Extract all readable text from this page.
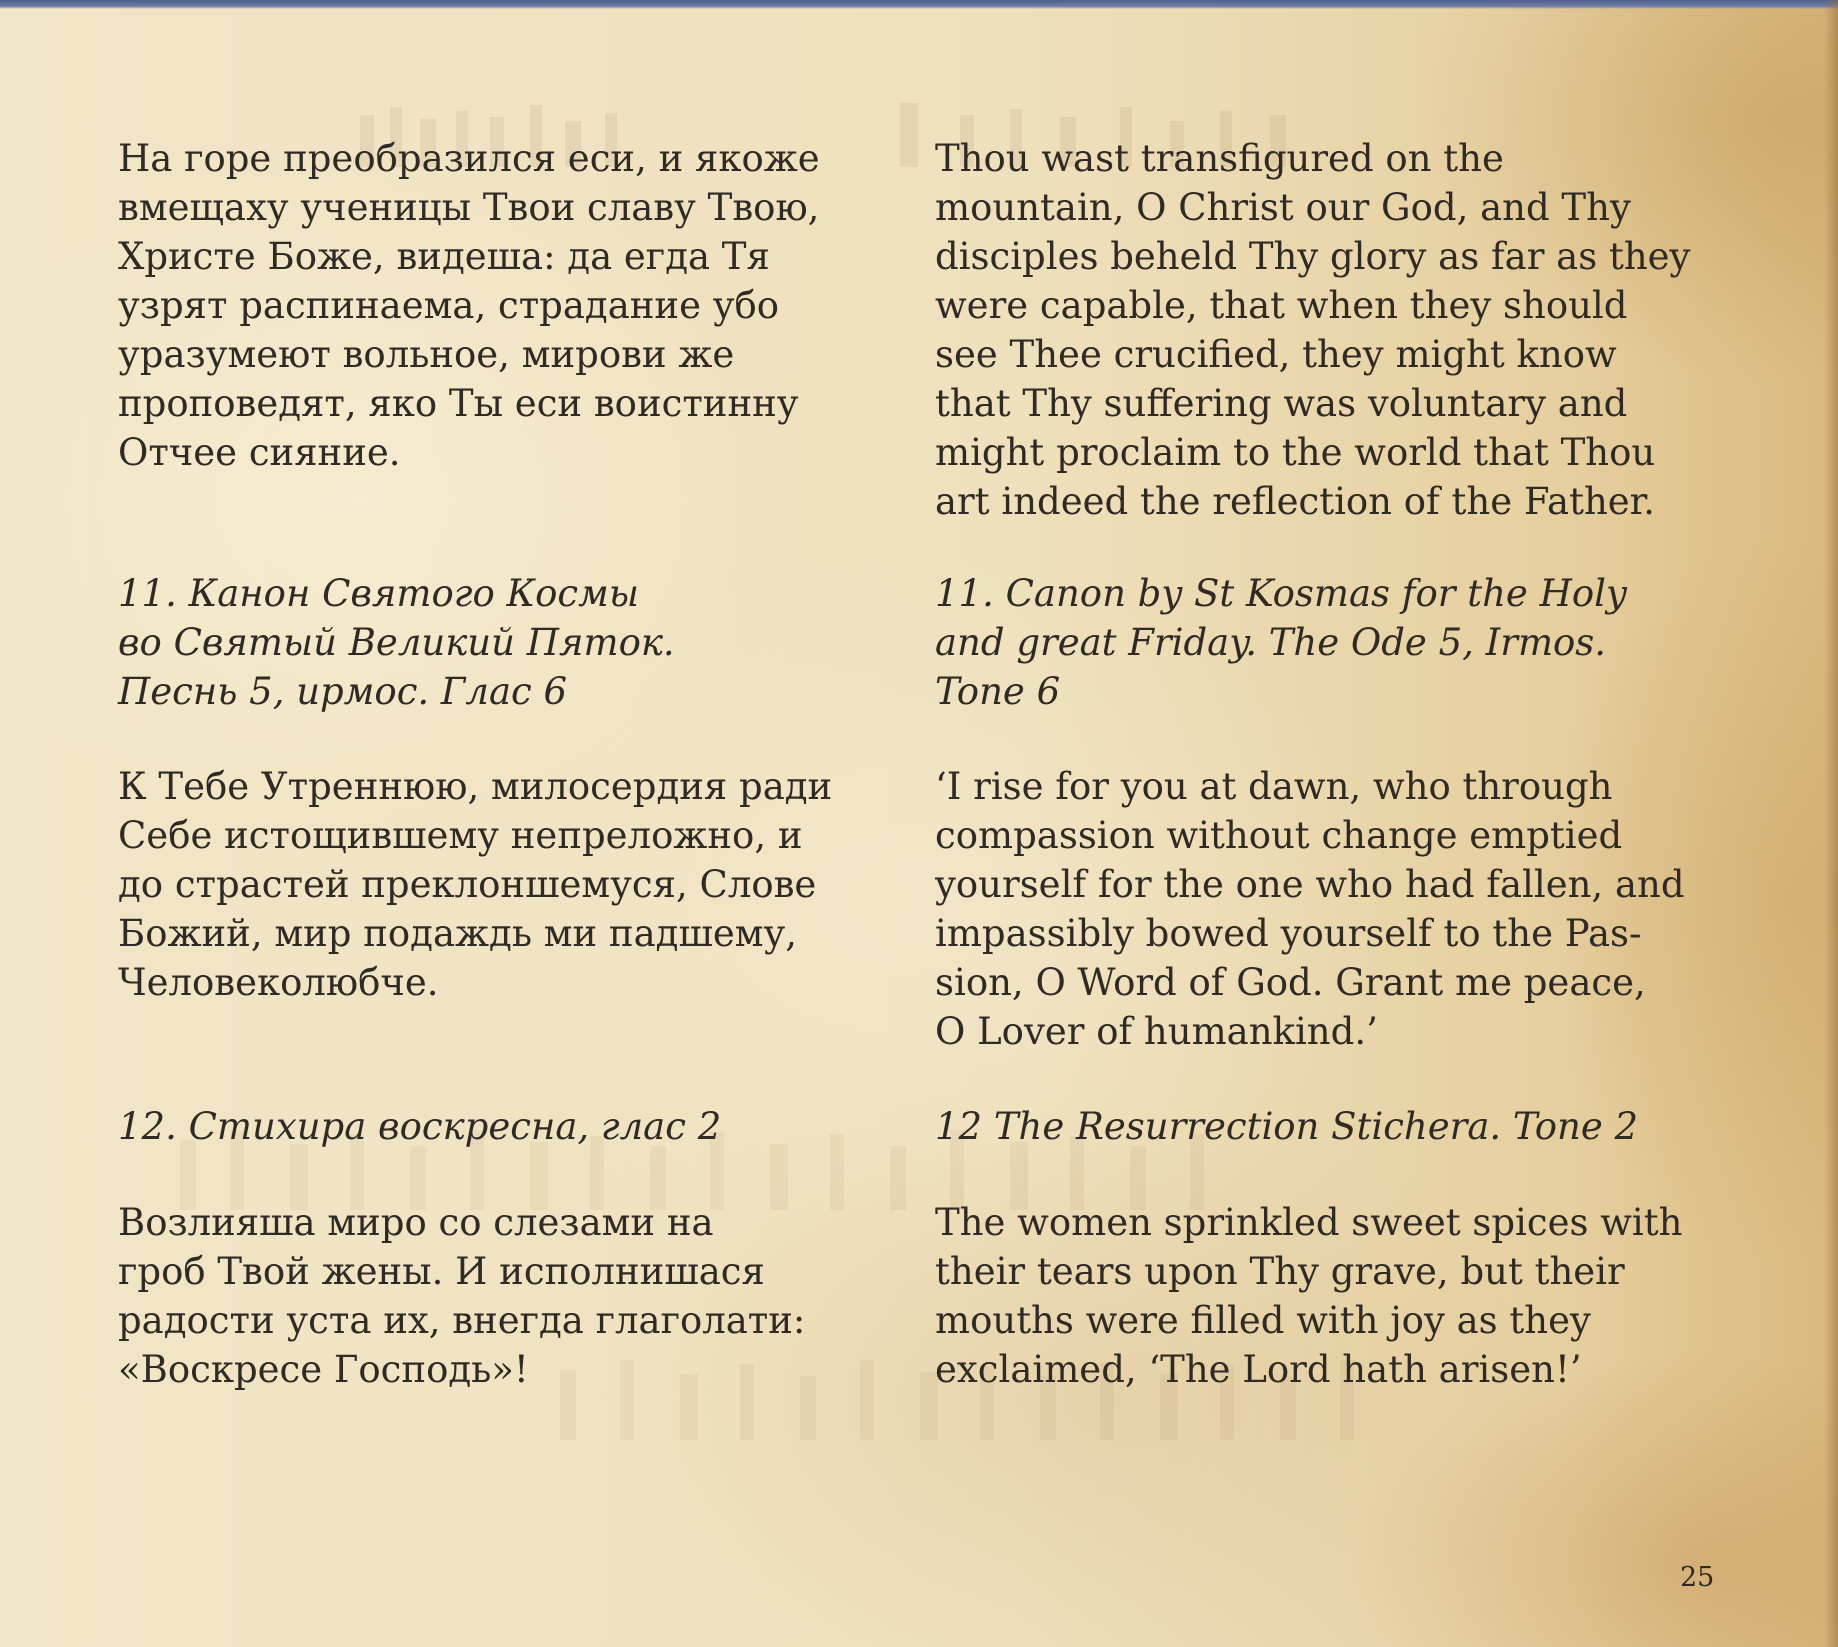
На горе преобразился еси, и якоже
вмещаху ученицы Твои славу Твою,
Христе Боже, видеша: да егда Тя
узрят распинаема, страдание убо
уразумеют вольное, мирови же
проповедят, яко Ты еси воистинну
Отчее сияние.

11. Канон Святого Космы
во Святый Великий Пяток.
Песнь 5, ирмос. Глас 6

К Тебе Утреннюю, милосердия ради
Себе истощившему непреложно, и
до страстей преклоншемуся, Слове
Божий, мир подаждь ми падшему,
Человеколюбче.

12. Стихира воскресна, глас 2

Возлияша миро со слезами на
гроб Твой жены. И исполнишася
радости уста их, внегда глаголати:
«Воскресе Господь»!

Thou wast transfigured on the
mountain, O Christ our God, and Thy
disciples beheld Thy glory as far as they
were capable, that when they should
see Thee crucified, they might know
that Thy suffering was voluntary and
might proclaim to the world that Thou
art indeed the reflection of the Father.

11. Canon by St Kosmas for the Holy
and great Friday. The Ode 5, Irmos.
Tone 6

‘I rise for you at dawn, who through
compassion without change emptied
yourself for the one who had fallen, and
impassibly bowed yourself to the Pas-
sion, O Word of God. Grant me peace,
O Lover of humankind.’

12 The Resurrection Stichera. Tone 2

The women sprinkled sweet spices with
their tears upon Thy grave, but their
mouths were filled with joy as they
exclaimed, ‘The Lord hath arisen!’

25
